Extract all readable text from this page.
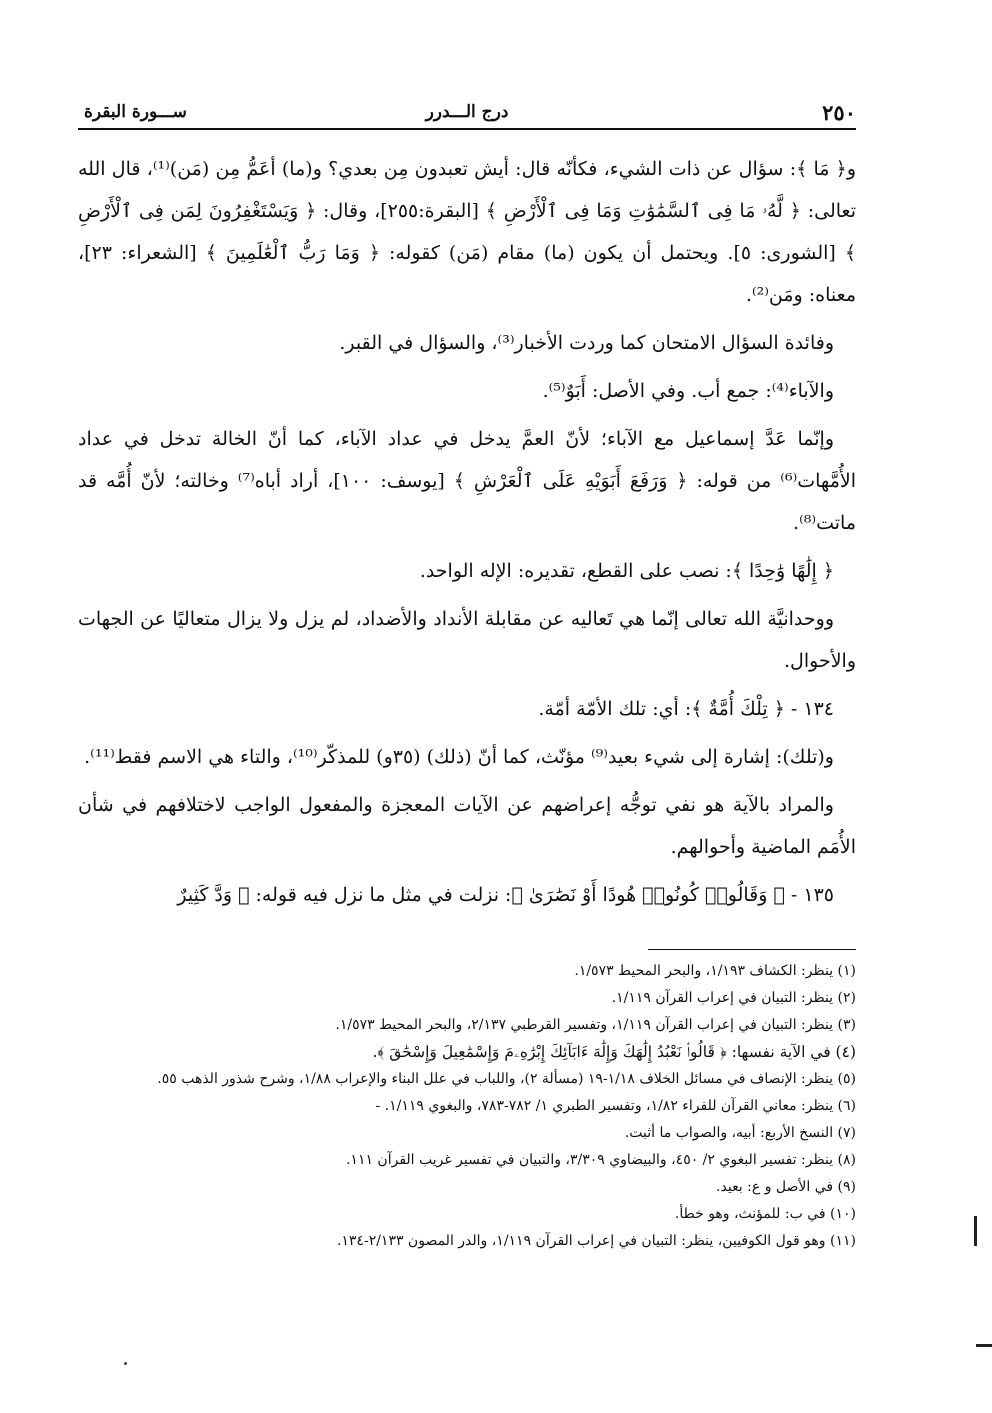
٢٥٠
درج الـــدرر
ســـورة البقرة

و﴿ مَا ﴾: سؤال عن ذات الشيء، فكأنّه قال: أيش تعبدون مِن بعدي؟ و(ما) أعَمُّ مِن (مَن)⁽¹⁾، قال الله تعالى: ﴿ لَّهُۥ مَا فِى ٱلسَّمَٰوَٰتِ وَمَا فِى ٱلْأَرْضِ ﴾ [البقرة:٢٥٥]، وقال: ﴿ وَيَسْتَغْفِرُونَ لِمَن فِى ٱلْأَرْضِ ﴾ [الشورى: ٥]. ويحتمل أن يكون (ما) مقام (مَن) كقوله: ﴿ وَمَا رَبُّ ٱلْعَٰلَمِينَ ﴾ [الشعراء: ٢٣]، معناه: ومَن⁽²⁾.

وفائدة السؤال الامتحان كما وردت الأخبار⁽³⁾، والسؤال في القبر.

والآباء⁽⁴⁾: جمع أب. وفي الأصل: أَبَوٌ⁽⁵⁾.

وإنّما عَدَّ إسماعيل مع الآباء؛ لأنّ العمَّ يدخل في عداد الآباء، كما أنّ الخالة تدخل في عداد الأُمَّهات⁽⁶⁾ من قوله: ﴿ وَرَفَعَ أَبَوَيْهِ عَلَى ٱلْعَرْشِ ﴾ [يوسف: ١٠٠]، أراد أباه⁽⁷⁾ وخالته؛ لأنّ أُمَّه قد ماتت⁽⁸⁾.

﴿ إِلَٰهًا وَٰحِدًا ﴾: نصب على القطع، تقديره: الإله الواحد.

ووحدانيَّة الله تعالى إنّما هي تَعاليه عن مقابلة الأنداد والأضداد، لم يزل ولا يزال متعاليًا عن الجهات والأحوال.

١٣٤ - ﴿ تِلْكَ أُمَّةٌ ﴾: أي: تلك الأمّة أمّة.

و(تلك): إشارة إلى شيء بعيد⁽⁹⁾ مؤنّث، كما أنّ (ذلك) (٣٥و) للمذكّر⁽¹⁰⁾، والتاء هي الاسم فقط⁽¹¹⁾.

والمراد بالآية هو نفي توجُّه إعراضهم عن الآيات المعجزة والمفعول الواجب لاختلافهم في شأن الأُمَم الماضية وأحوالهم.

١٣٥ - ﴿ وَقَالُوا۟ كُونُوا۟ هُودًا أَوْ نَصَٰرَىٰ ﴾: نزلت في مثل ما نزل فيه قوله: ﴿ وَدَّ كَثِيرٌ

(١) ينظر: الكشاف ١/١٩٣، والبحر المحيط ١/٥٧٣.
(٢) ينظر: التبيان في إعراب القرآن ١/١١٩.
(٣) ينظر: التبيان في إعراب القرآن ١/١١٩، وتفسير القرطبي ٢/١٣٧، والبحر المحيط ١/٥٧٣.
(٤) في الآية نفسها: ﴿ قَالُوا۟ نَعْبُدُ إِلَٰهَكَ وَإِلَٰهَ ءَابَآئِكَ إِبْرَٰهِۦمَ وَإِسْمَٰعِيلَ وَإِسْحَٰقَ ﴾.
(٥) ينظر: الإنصاف في مسائل الخلاف ١/١٨-١٩ (مسألة ٢)، واللباب في علل البناء والإعراب ١/٨٨، وشرح شذور الذهب ٥٥.
(٦) ينظر: معاني القرآن للفراء ١/٨٢، وتفسير الطبري ١/ ٧٨٢-٧٨٣، والبغوي ١/١١٩. -
(٧) النسخ الأربع: أبيه، والصواب ما أثبت.
(٨) ينظر: تفسير البغوي ٢/ ٤٥٠، والبيضاوي ٣/٣٠٩، والتبيان في تفسير غريب القرآن ١١١.
(٩) في الأصل و ع: بعيد.
(١٠) في ب: للمؤنث، وهو خطأ.
(١١) وهو قول الكوفيين، ينظر: التبيان في إعراب القرآن ١/١١٩، والدر المصون ٢/١٣٣-١٣٤.
